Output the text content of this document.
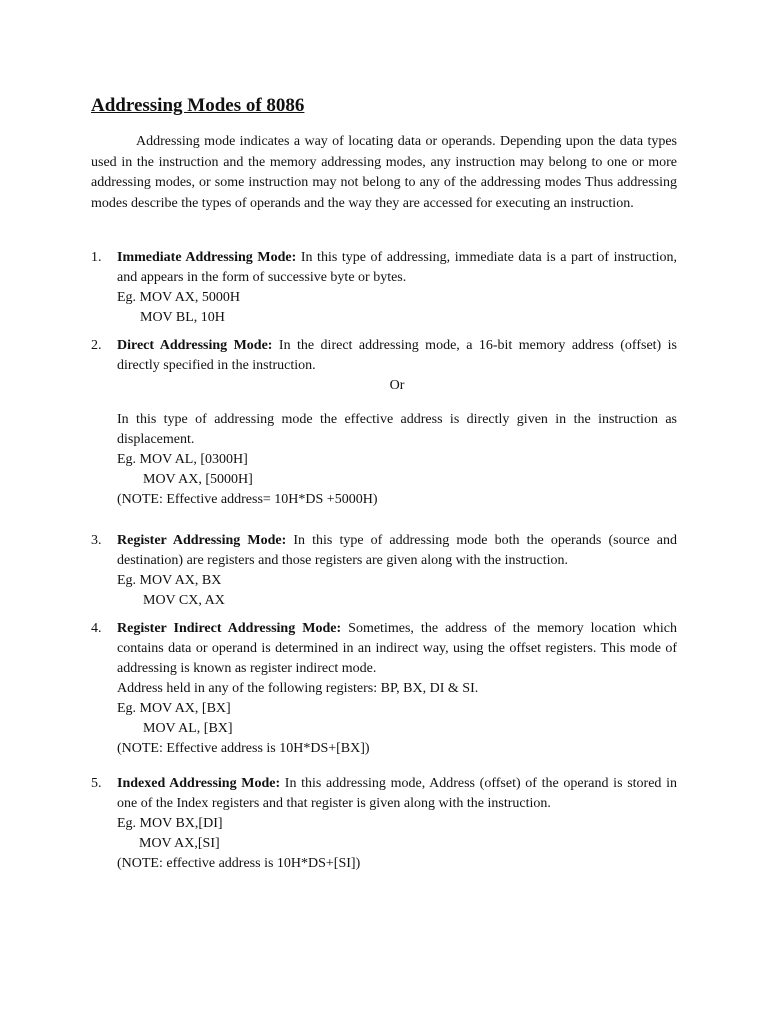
Addressing Modes of 8086

Addressing mode indicates a way of locating data or operands. Depending upon the data types used in the instruction and the memory addressing modes, any instruction may belong to one or more addressing modes, or some instruction may not belong to any of the addressing modes Thus addressing modes describe the types of operands and the way they are accessed for executing an instruction.

1. Immediate Addressing Mode: In this type of addressing, immediate data is a part of instruction, and appears in the form of successive byte or bytes.

Eg. MOV AX, 5000H

MOV BL, 10H

2. Direct Addressing Mode: In the direct addressing mode, a 16-bit memory address (offset) is directly specified in the instruction.

Or

In this type of addressing mode the effective address is directly given in the instruction as displacement.

Eg. MOV AL, [0300H]

MOV AX, [5000H]

(NOTE: Effective address= 10H*DS +5000H)

3. Register Addressing Mode: In this type of addressing mode both the operands (source and destination) are registers and those registers are given along with the instruction.

Eg. MOV AX, BX

MOV CX, AX

4. Register Indirect Addressing Mode: Sometimes, the address of the memory location which contains data or operand is determined in an indirect way, using the offset registers. This mode of addressing is known as register indirect mode.

Address held in any of the following registers: BP, BX, DI & SI.

Eg. MOV AX, [BX]

MOV AL, [BX]

(NOTE: Effective address is 10H*DS+[BX])

5. Indexed Addressing Mode: In this addressing mode, Address (offset) of the operand is stored in one of the Index registers and that register is given along with the instruction.

Eg. MOV BX,[DI]

MOV AX,[SI]

(NOTE: effective address is 10H*DS+[SI])
